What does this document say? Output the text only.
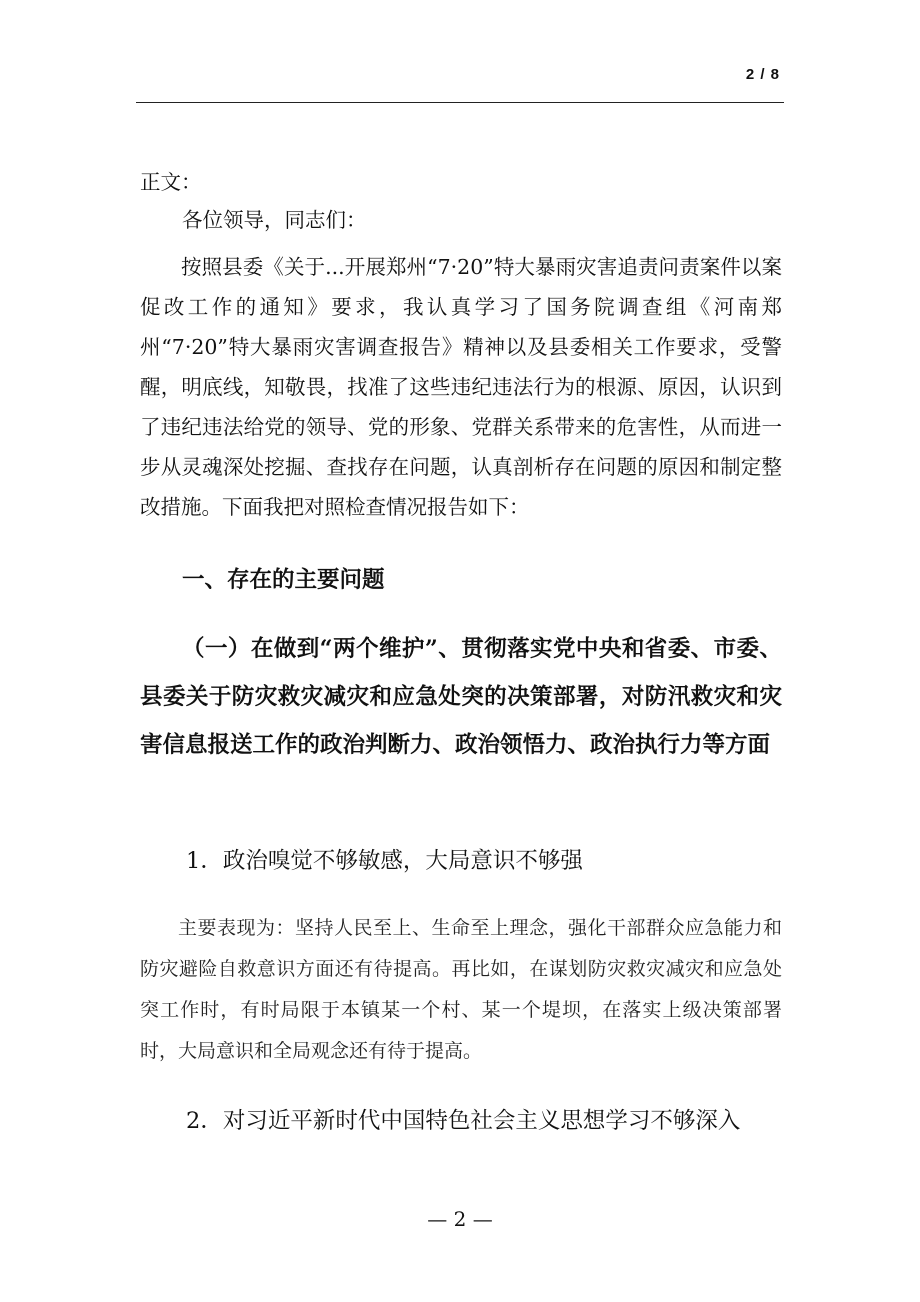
2 / 8

正文：

各位领导，同志们：

按照县委《关于...开展郑州“7·20”特大暴雨灾害追责问责案件以案促改工作的通知》要求，我认真学习了国务院调查组《河南郑州“7·20”特大暴雨灾害调查报告》精神以及县委相关工作要求，受警醒，明底线，知敬畏，找准了这些违纪违法行为的根源、原因，认识到了违纪违法给党的领导、党的形象、党群关系带来的危害性，从而进一步从灵魂深处挖掘、查找存在问题，认真剖析存在问题的原因和制定整改措施。下面我把对照检查情况报告如下：

一、存在的主要问题
（一）在做到“两个维护”、贯彻落实党中央和省委、市委、县委关于防灾救灾减灾和应急处突的决策部署，对防汛救灾和灾害信息报送工作的政治判断力、政治领悟力、政治执行力等方面

1．政治嗅觉不够敏感，大局意识不够强

主要表现为：坚持人民至上、生命至上理念，强化干部群众应急能力和防灾避险自救意识方面还有待提高。再比如，在谋划防灾救灾减灾和应急处突工作时，有时局限于本镇某一个村、某一个堤坝，在落实上级决策部署时，大局意识和全局观念还有待于提高。

2．对习近平新时代中国特色社会主义思想学习不够深入

— 2 —
